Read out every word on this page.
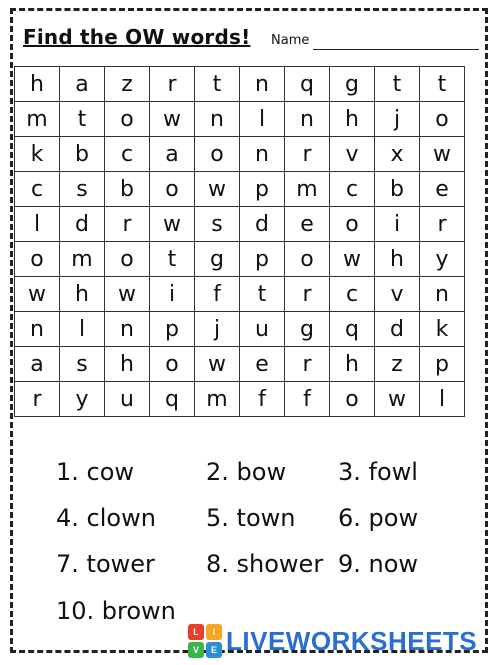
Find the OW words! Name
h	a	z	r	t	n	q	g	t	t
m	t	o	w	n	l	n	h	j	o
k	b	c	a	o	n	r	v	x	w
c	s	b	o	w	p	m	c	b	e
l	d	r	w	s	d	e	o	i	r
o	m	o	t	g	p	o	w	h	y
w	h	w	i	f	t	r	c	v	n
n	l	n	p	j	u	g	q	d	k
a	s	h	o	w	e	r	h	z	p
r	y	u	q	m	f	f	o	w	l
1. cow	2. bow 3. fowl
4. clown 5. town 6. pow
7. tower 8. shower 9. now
10. brown
L	I
V	E LIVEWORKSHEETS
